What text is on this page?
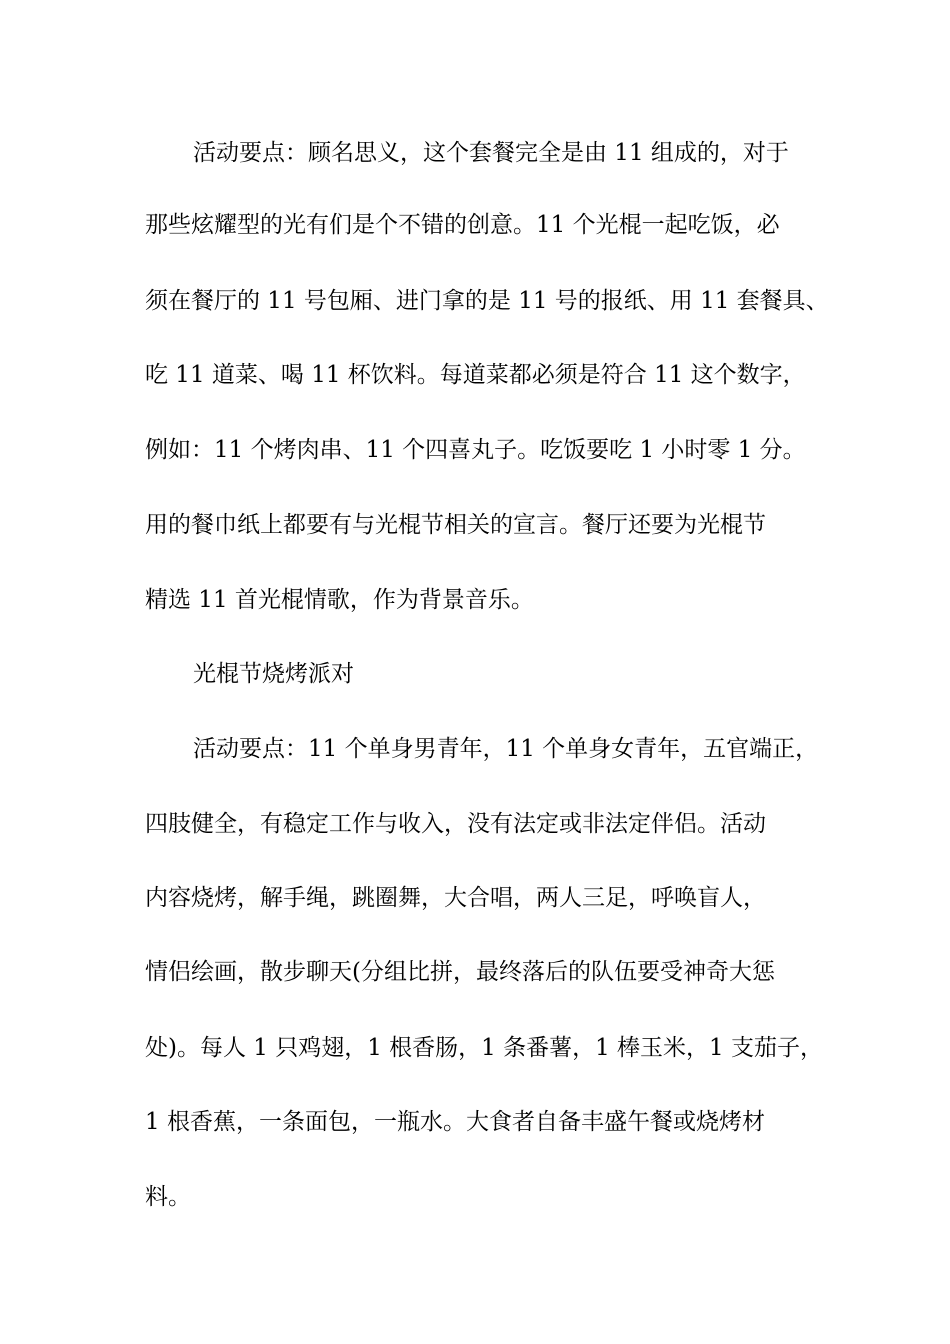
活动要点：顾名思义，这个套餐完全是由 11 组成的，对于
那些炫耀型的光有们是个不错的创意。11 个光棍一起吃饭，必
须在餐厅的 11 号包厢、进门拿的是 11 号的报纸、用 11 套餐具、
吃 11 道菜、喝 11 杯饮料。每道菜都必须是符合 11 这个数字，
例如：11 个烤肉串、11 个四喜丸子。吃饭要吃 1 小时零 1 分。
用的餐巾纸上都要有与光棍节相关的宣言。餐厅还要为光棍节
精选 11 首光棍情歌，作为背景音乐。
光棍节烧烤派对
活动要点：11 个单身男青年，11 个单身女青年，五官端正，
四肢健全，有稳定工作与收入，没有法定或非法定伴侣。活动
内容烧烤，解手绳，跳圈舞，大合唱，两人三足，呼唤盲人，
情侣绘画，散步聊天(分组比拼，最终落后的队伍要受神奇大惩
处)。每人 1 只鸡翅，1 根香肠，1 条番薯，1 棒玉米，1 支茄子，
1 根香蕉，一条面包，一瓶水。大食者自备丰盛午餐或烧烤材
料。
